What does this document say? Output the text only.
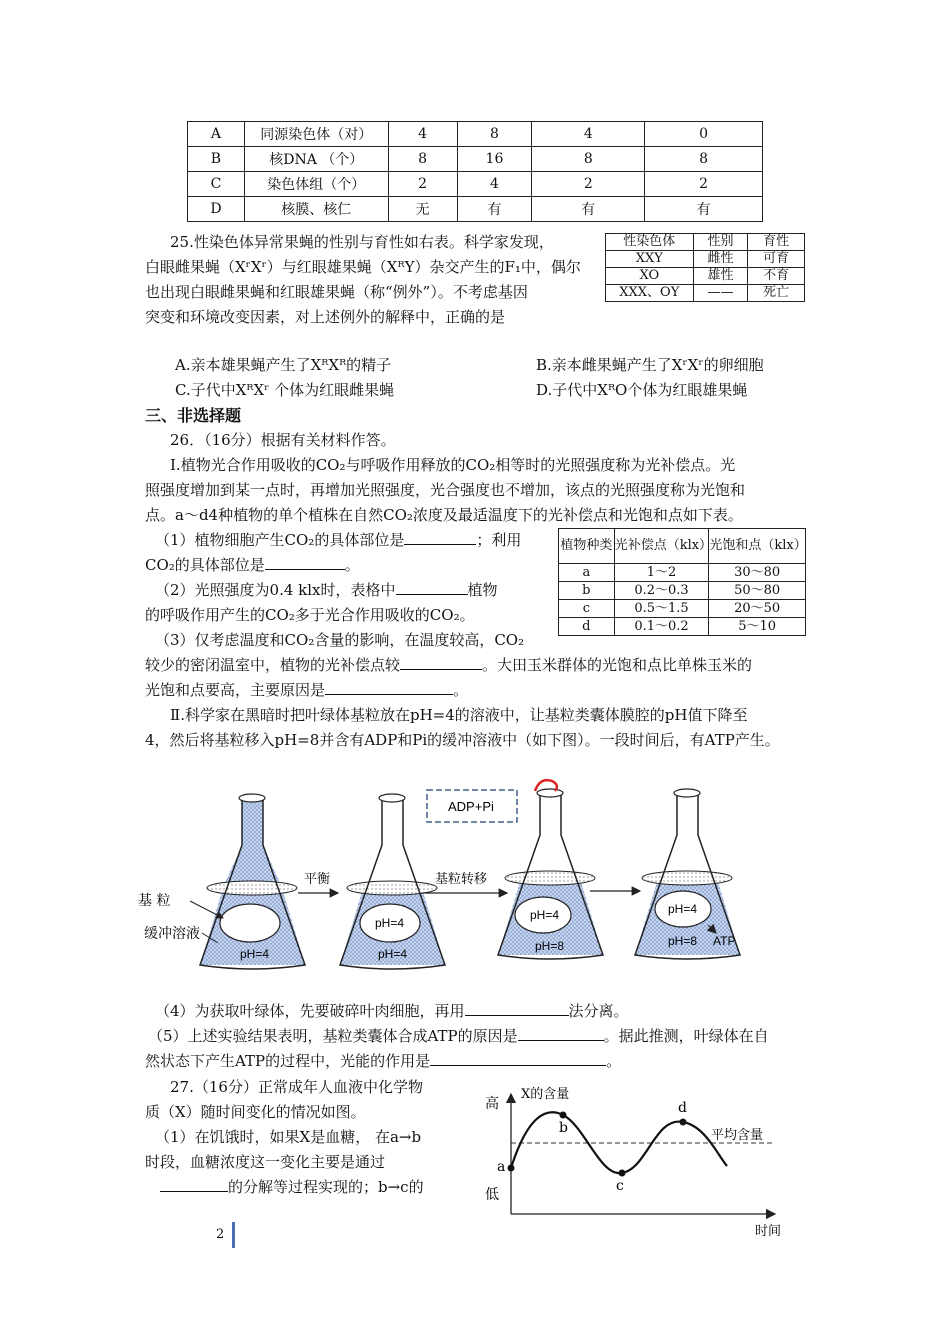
A	同源染色体（对）	4	8	4	0
B	核DNA （个）	8	16	8	8
C	染色体组（个）	2	4	2	2
D	核膜、核仁	无	有	有	有
25.性染色体异常果蝇的性别与育性如右表。科学家发现，
白眼雌果蝇（XʳXʳ）与红眼雄果蝇（XᴿY）杂交产生的F₁中，偶尔
也出现白眼雌果蝇和红眼雄果蝇（称“例外”）。不考虑基因
突变和环境改变因素，对上述例外的解释中，正确的是
性染色体	性别	育性
XXY	雌性	可育
XO	雄性	不育
XXX、OY	——	死亡
A.亲本雄果蝇产生了XᴿXᴿ的精子	B.亲本雌果蝇产生了XʳXʳ的卵细胞
C.子代中XᴿXʳ 个体为红眼雌果蝇	D.子代中XᴿO个体为红眼雄果蝇
三、非选择题
26．（16分）根据有关材料作答。
Ⅰ.植物光合作用吸收的CO₂与呼吸作用释放的CO₂相等时的光照强度称为光补偿点。光
照强度增加到某一点时，再增加光照强度，光合强度也不增加，该点的光照强度称为光饱和
点。a～d4种植物的单个植株在自然CO₂浓度及最适温度下的光补偿点和光饱和点如下表。
（1）植物细胞产生CO₂的具体部位是	；利用
CO₂的具体部位是	。
（2）光照强度为0.4 klx时，表格中	植物
的呼吸作用产生的CO₂多于光合作用吸收的CO₂。
（3）仅考虑温度和CO₂含量的影响，在温度较高，CO₂
较少的密闭温室中，植物的光补偿点较	。大田玉米群体的光饱和点比单株玉米的
光饱和点要高，主要原因是	。
植物种类	光补偿点（klx）	光饱和点（klx）
a	1～2	30～80
b	0.2～0.3	50～80
c	0.5～1.5	20～50
d	0.1～0.2	5～10
Ⅱ.科学家在黑暗时把叶绿体基粒放在pH=4的溶液中，让基粒类囊体膜腔的pH值下降至
4，然后将基粒移入pH=8并含有ADP和Pi的缓冲溶液中（如下图）。一段时间后，有ATP产生。
pH=4
pH=4
pH=4
pH=4
pH=8
pH=4
pH=8 ATP
平衡	基粒转移
ADP+Pi
基 粒
缓冲溶液
（4）为获取叶绿体，先要破碎叶肉细胞，再用	法分离。
（5）上述实验结果表明，基粒类囊体合成ATP的原因是	。据此推测，叶绿体在自
然状态下产生ATP的过程中，光能的作用是	。
27.（16分）正常成年人血液中化学物
质（X）随时间变化的情况如图。
（1）在饥饿时，如果X是血糖， 在a→b
时段，血糖浓度这一变化主要是通过
的分解等过程实现的；b→c的
a
b
c
d
高
低
X的含量
平均含量
时间
2
